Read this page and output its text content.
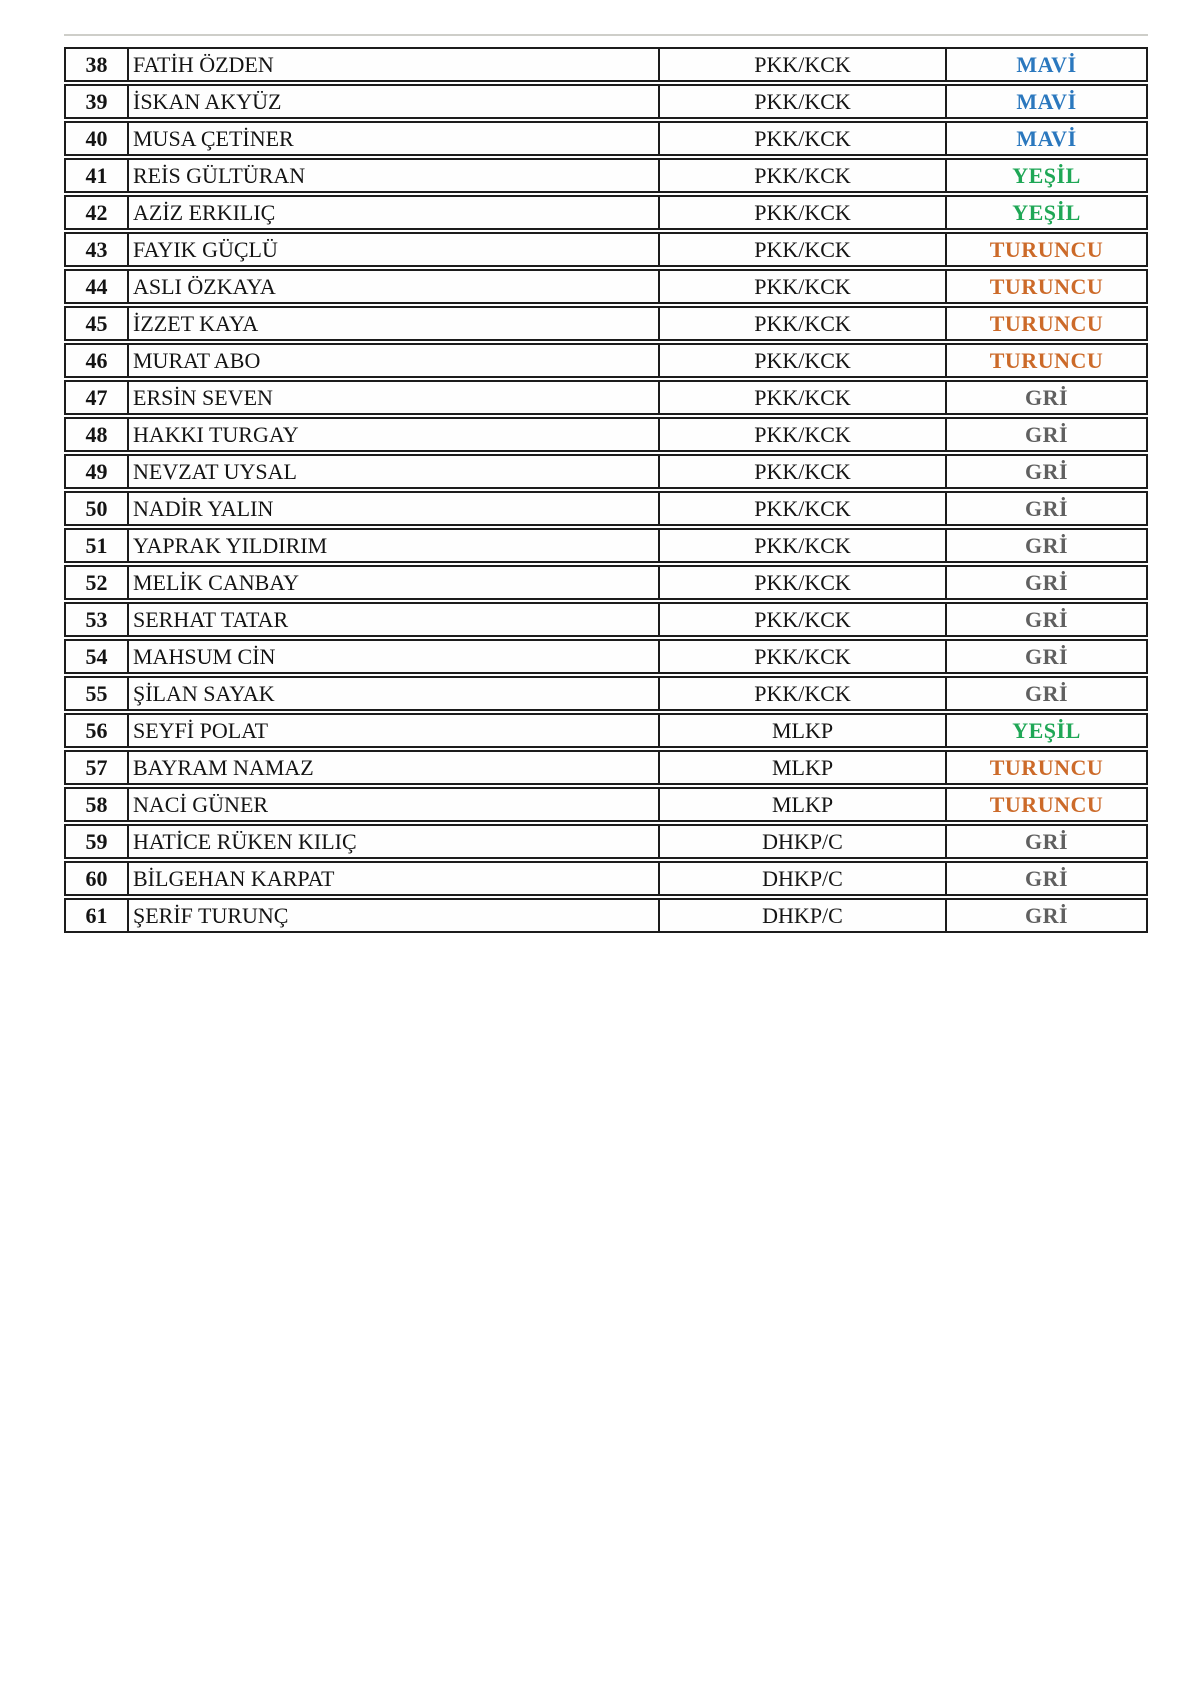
38	FATİH ÖZDEN	PKK/KCK	MAVİ
39	İSKAN AKYÜZ	PKK/KCK	MAVİ
40	MUSA ÇETİNER	PKK/KCK	MAVİ
41	REİS GÜLTÜRAN	PKK/KCK	YEŞİL
42	AZİZ ERKILIÇ	PKK/KCK	YEŞİL
43	FAYIK GÜÇLÜ	PKK/KCK	TURUNCU
44	ASLI ÖZKAYA	PKK/KCK	TURUNCU
45	İZZET KAYA	PKK/KCK	TURUNCU
46	MURAT ABO	PKK/KCK	TURUNCU
47	ERSİN SEVEN	PKK/KCK	GRİ
48	HAKKI TURGAY	PKK/KCK	GRİ
49	NEVZAT UYSAL	PKK/KCK	GRİ
50	NADİR YALIN	PKK/KCK	GRİ
51	YAPRAK YILDIRIM	PKK/KCK	GRİ
52	MELİK CANBAY	PKK/KCK	GRİ
53	SERHAT TATAR	PKK/KCK	GRİ
54	MAHSUM CİN	PKK/KCK	GRİ
55	ŞİLAN SAYAK	PKK/KCK	GRİ
56	SEYFİ POLAT	MLKP	YEŞİL
57	BAYRAM NAMAZ	MLKP	TURUNCU
58	NACİ GÜNER	MLKP	TURUNCU
59	HATİCE RÜKEN KILIÇ	DHKP/C	GRİ
60	BİLGEHAN KARPAT	DHKP/C	GRİ
61	ŞERİF TURUNÇ	DHKP/C	GRİ
